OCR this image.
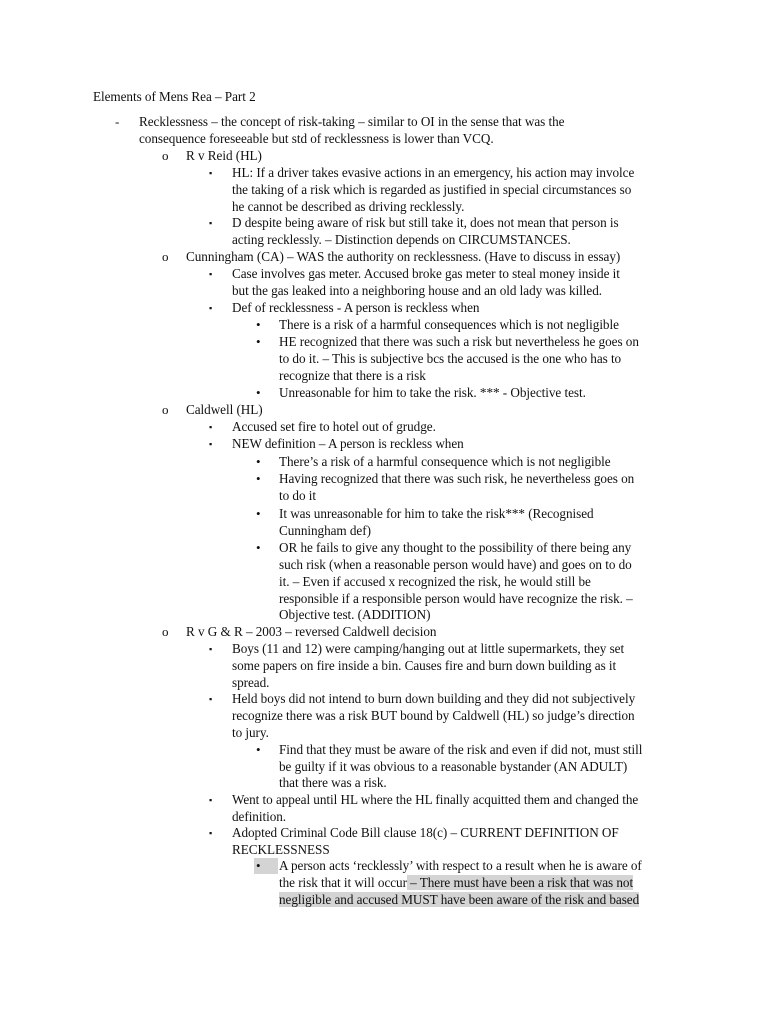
Elements of Mens Rea – Part 2
- Recklessness – the concept of risk-taking – similar to OI in the sense that was the
consequence foreseeable but std of recklessness is lower than VCQ.
o R v Reid (HL)
▪ HL: If a driver takes evasive actions in an emergency, his action may involce
the taking of a risk which is regarded as justified in special circumstances so
he cannot be described as driving recklessly.
▪ D despite being aware of risk but still take it, does not mean that person is
acting recklessly. – Distinction depends on CIRCUMSTANCES.
o Cunningham (CA) – WAS the authority on recklessness. (Have to discuss in essay)
▪ Case involves gas meter. Accused broke gas meter to steal money inside it
but the gas leaked into a neighboring house and an old lady was killed.
▪ Def of recklessness - A person is reckless when
• There is a risk of a harmful consequences which is not negligible
• HE recognized that there was such a risk but nevertheless he goes on
to do it. – This is subjective bcs the accused is the one who has to
recognize that there is a risk
• Unreasonable for him to take the risk. *** - Objective test.
o Caldwell (HL)
▪ Accused set fire to hotel out of grudge.
▪ NEW definition – A person is reckless when
• There’s a risk of a harmful consequence which is not negligible
• Having recognized that there was such risk, he nevertheless goes on
to do it
• It was unreasonable for him to take the risk*** (Recognised
Cunningham def)
• OR he fails to give any thought to the possibility of there being any
such risk (when a reasonable person would have) and goes on to do
it. – Even if accused x recognized the risk, he would still be
responsible if a responsible person would have recognize the risk. –
Objective test. (ADDITION)
o R v G & R – 2003 – reversed Caldwell decision
▪ Boys (11 and 12) were camping/hanging out at little supermarkets, they set
some papers on fire inside a bin. Causes fire and burn down building as it
spread.
▪ Held boys did not intend to burn down building and they did not subjectively
recognize there was a risk BUT bound by Caldwell (HL) so judge’s direction
to jury.
• Find that they must be aware of the risk and even if did not, must still
be guilty if it was obvious to a reasonable bystander (AN ADULT)
that there was a risk.
▪ Went to appeal until HL where the HL finally acquitted them and changed the
definition.
▪ Adopted Criminal Code Bill clause 18(c) – CURRENT DEFINITION OF
RECKLESSNESS
• A person acts ‘recklessly’ with respect to a result when he is aware of
the risk that it will occur – There must have been a risk that was not
negligible and accused MUST have been aware of the risk and based
